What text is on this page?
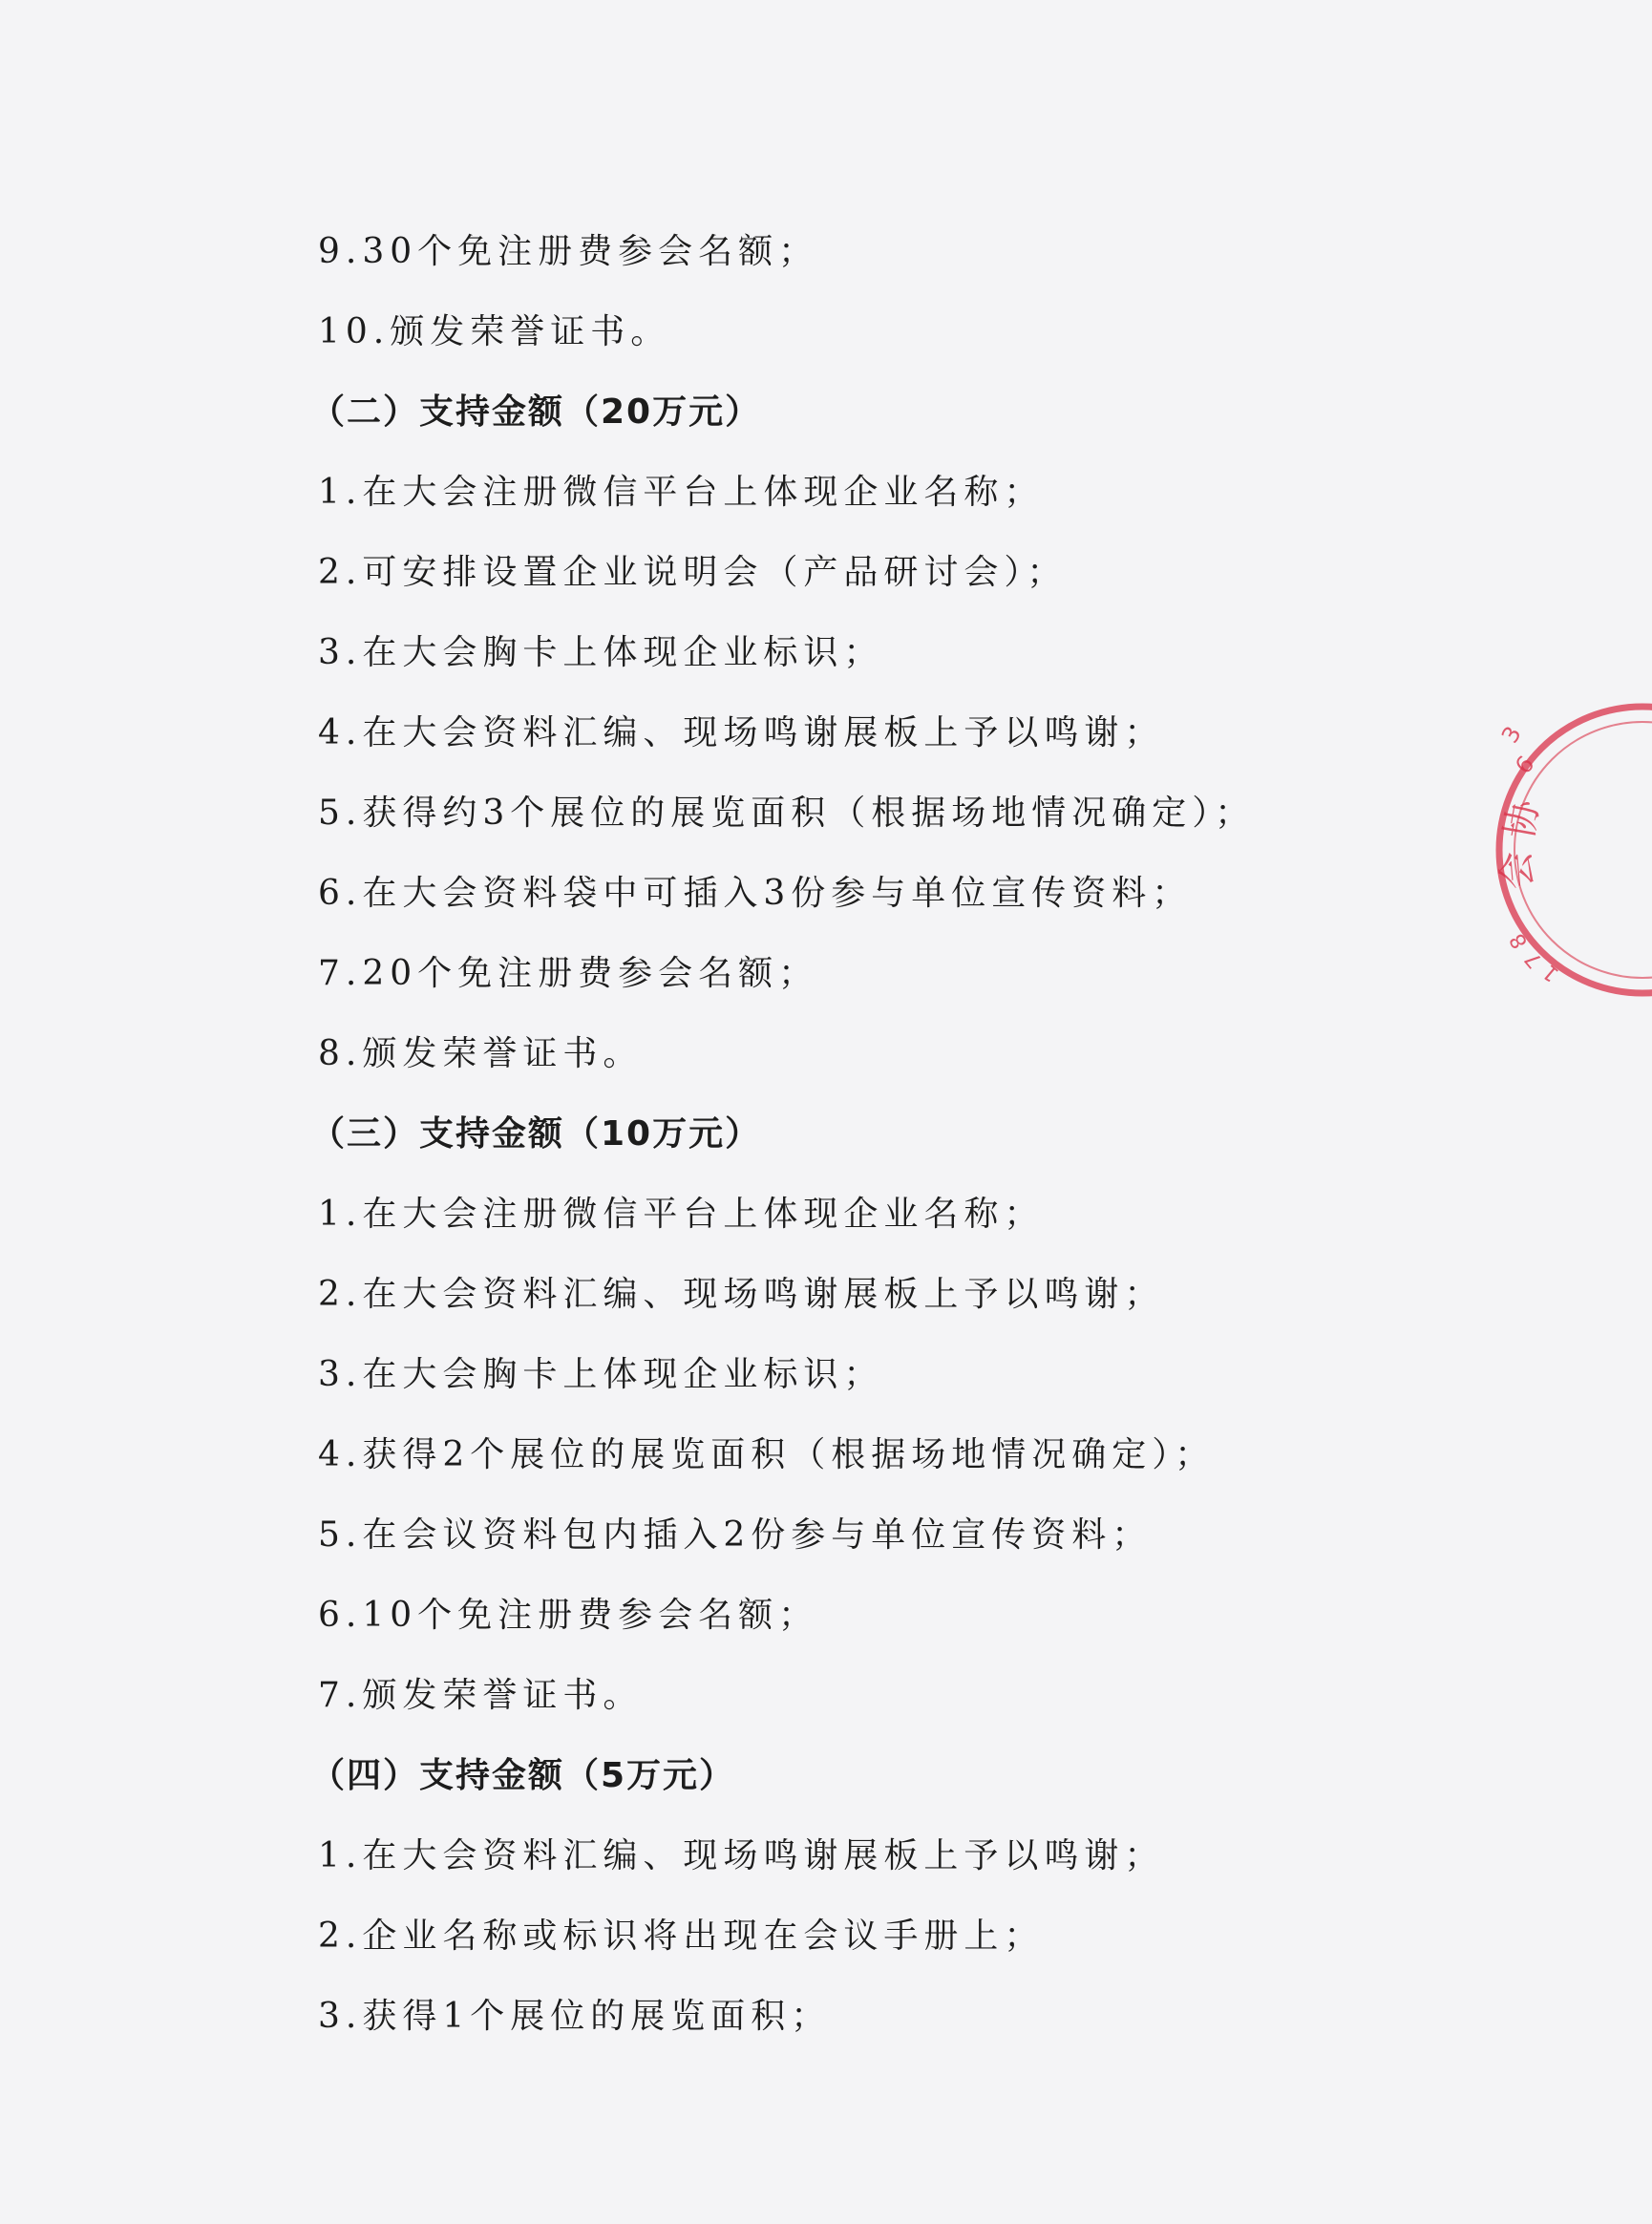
9.30个免注册费参会名额；
10.颁发荣誉证书。
（二）支持金额（20万元）
1.在大会注册微信平台上体现企业名称；
2.可安排设置企业说明会（产品研讨会）；
3.在大会胸卡上体现企业标识；
4.在大会资料汇编、现场鸣谢展板上予以鸣谢；
5.获得约3个展位的展览面积（根据场地情况确定）；
6.在大会资料袋中可插入3份参与单位宣传资料；
7.20个免注册费参会名额；
8.颁发荣誉证书。
（三）支持金额（10万元）
1.在大会注册微信平台上体现企业名称；
2.在大会资料汇编、现场鸣谢展板上予以鸣谢；
3.在大会胸卡上体现企业标识；
4.获得2个展位的展览面积（根据场地情况确定）；
5.在会议资料包内插入2份参与单位宣传资料；
6.10个免注册费参会名额；
7.颁发荣誉证书。
（四）支持金额（5万元）
1.在大会资料汇编、现场鸣谢展板上予以鸣谢；
2.企业名称或标识将出现在会议手册上；
3.获得1个展位的展览面积；
3
6
协
会
8
7
1
